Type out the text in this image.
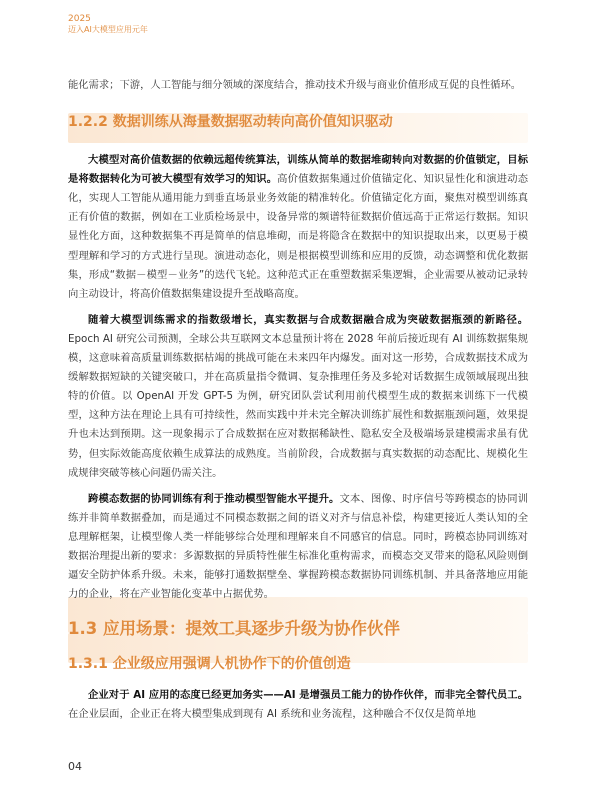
2025
迈入AI大模型应用元年

能化需求；下游，人工智能与细分领域的深度结合，推动技术升级与商业价值形成互促的良性循环。

1.2.2 数据训练从海量数据驱动转向高价值知识驱动

大模型对高价值数据的依赖远超传统算法，训练从简单的数据堆砌转向对数据的价值锁定，目标是将数据转化为可被大模型有效学习的知识。高价值数据集通过价值锚定化、知识显性化和演进动态化，实现人工智能从通用能力到垂直场景业务效能的精准转化。价值锚定化方面，聚焦对模型训练真正有价值的数据，例如在工业质检场景中，设备异常的频谱特征数据价值远高于正常运行数据。知识显性化方面，这种数据集不再是简单的信息堆砌，而是将隐含在数据中的知识提取出来，以更易于模型理解和学习的方式进行呈现。演进动态化，则是根据模型训练和应用的反馈，动态调整和优化数据集，形成“数据－模型－业务”的迭代飞轮。这种范式正在重塑数据采集逻辑，企业需要从被动记录转向主动设计，将高价值数据集建设提升至战略高度。

随着大模型训练需求的指数级增长，真实数据与合成数据融合成为突破数据瓶颈的新路径。Epoch AI 研究公司预测，全球公共互联网文本总量预计将在 2028 年前后接近现有 AI 训练数据集规模，这意味着高质量训练数据枯竭的挑战可能在未来四年内爆发。面对这一形势，合成数据技术成为缓解数据短缺的关键突破口，并在高质量指令微调、复杂推理任务及多轮对话数据生成领域展现出独特的价值。以 OpenAI 开发 GPT-5 为例，研究团队尝试利用前代模型生成的数据来训练下一代模型，这种方法在理论上具有可持续性，然而实践中并未完全解决训练扩展性和数据瓶颈问题，效果提升也未达到预期。这一现象揭示了合成数据在应对数据稀缺性、隐私安全及极端场景建模需求虽有优势，但实际效能高度依赖生成算法的成熟度。当前阶段，合成数据与真实数据的动态配比、规模化生成规律突破等核心问题仍需关注。

跨模态数据的协同训练有利于推动模型智能水平提升。文本、图像、时序信号等跨模态的协同训练并非简单数据叠加，而是通过不同模态数据之间的语义对齐与信息补偿，构建更接近人类认知的全息理解框架，让模型像人类一样能够综合处理和理解来自不同感官的信息。同时，跨模态协同训练对数据治理提出新的要求：多源数据的异质特性催生标准化重构需求，而模态交叉带来的隐私风险则倒逼安全防护体系升级。未来，能够打通数据壁垒、掌握跨模态数据协同训练机制、并具备落地应用能力的企业，将在产业智能化变革中占据优势。

1.3 应用场景：提效工具逐步升级为协作伙伴

1.3.1 企业级应用强调人机协作下的价值创造

企业对于 AI 应用的态度已经更加务实——AI 是增强员工能力的协作伙伴，而非完全替代员工。在企业层面，企业正在将大模型集成到现有 AI 系统和业务流程，这种融合不仅仅是简单地

04
